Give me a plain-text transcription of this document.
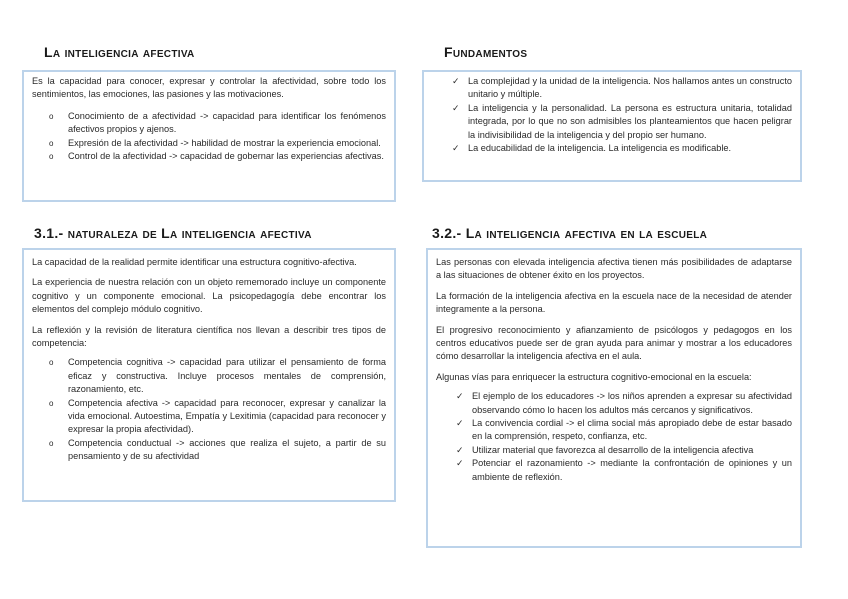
La inteligencia afectiva

Es la capacidad para conocer, expresar y controlar la afectividad, sobre todo los sentimientos, las emociones, las pasiones y las motivaciones.

o Conocimiento de a afectividad -> capacidad para identificar los fenómenos afectivos propios y ajenos.
o Expresión de la afectividad -> habilidad de mostrar la experiencia emocional.
o Control de la afectividad -> capacidad de gobernar las experiencias afectivas.
Fundamentos
✓ La complejidad y la unidad de la inteligencia. Nos hallamos antes un constructo unitario y múltiple.
✓ La inteligencia y la personalidad. La persona es estructura unitaria, totalidad integrada, por lo que no son admisibles los planteamientos que hacen peligrar la indivisibilidad de la inteligencia y del propio ser humano.
✓ La educabilidad de la inteligencia. La inteligencia es modificable.
3.1.- naturaleza de La inteligencia afectiva

La capacidad de la realidad permite identificar una estructura cognitivo-afectiva.

La experiencia de nuestra relación con un objeto rememorado incluye un componente cognitivo y un componente emocional. La psicopedagogía debe encontrar los elementos del complejo módulo cognitivo.

La reflexión y la revisión de literatura científica nos llevan a describir tres tipos de competencia:

o Competencia cognitiva -> capacidad para utilizar el pensamiento de forma eficaz y constructiva. Incluye procesos mentales de comprensión, razonamiento, etc.
o Competencia afectiva -> capacidad para reconocer, expresar y canalizar la vida emocional. Autoestima, Empatía y Lexitimia (capacidad para reconocer y expresar la propia afectividad).
o Competencia conductual -> acciones que realiza el sujeto, a partir de su pensamiento y de su afectividad
3.2.- La inteligencia afectiva en la escuela

Las personas con elevada inteligencia afectiva tienen más posibilidades de adaptarse a las situaciones de obtener éxito en los proyectos.

La formación de la inteligencia afectiva en la escuela nace de la necesidad de atender integramente a la persona.

El progresivo reconocimiento y afianzamiento de psicólogos y pedagogos en los centros educativos puede ser de gran ayuda para animar y mostrar a los educadores cómo desarrollar la inteligencia afectiva en el aula.

Algunas vías para enriquecer la estructura cognitivo-emocional en la escuela:

✓ El ejemplo de los educadores -> los niños aprenden a expresar su afectividad observando cómo lo hacen los adultos más cercanos y significativos.
✓ La convivencia cordial -> el clima social más apropiado debe de estar basado en la comprensión, respeto, confianza, etc.
✓ Utilizar material que favorezca al desarrollo de la inteligencia afectiva
✓ Potenciar el razonamiento -> mediante la confrontación de opiniones y un ambiente de reflexión.
